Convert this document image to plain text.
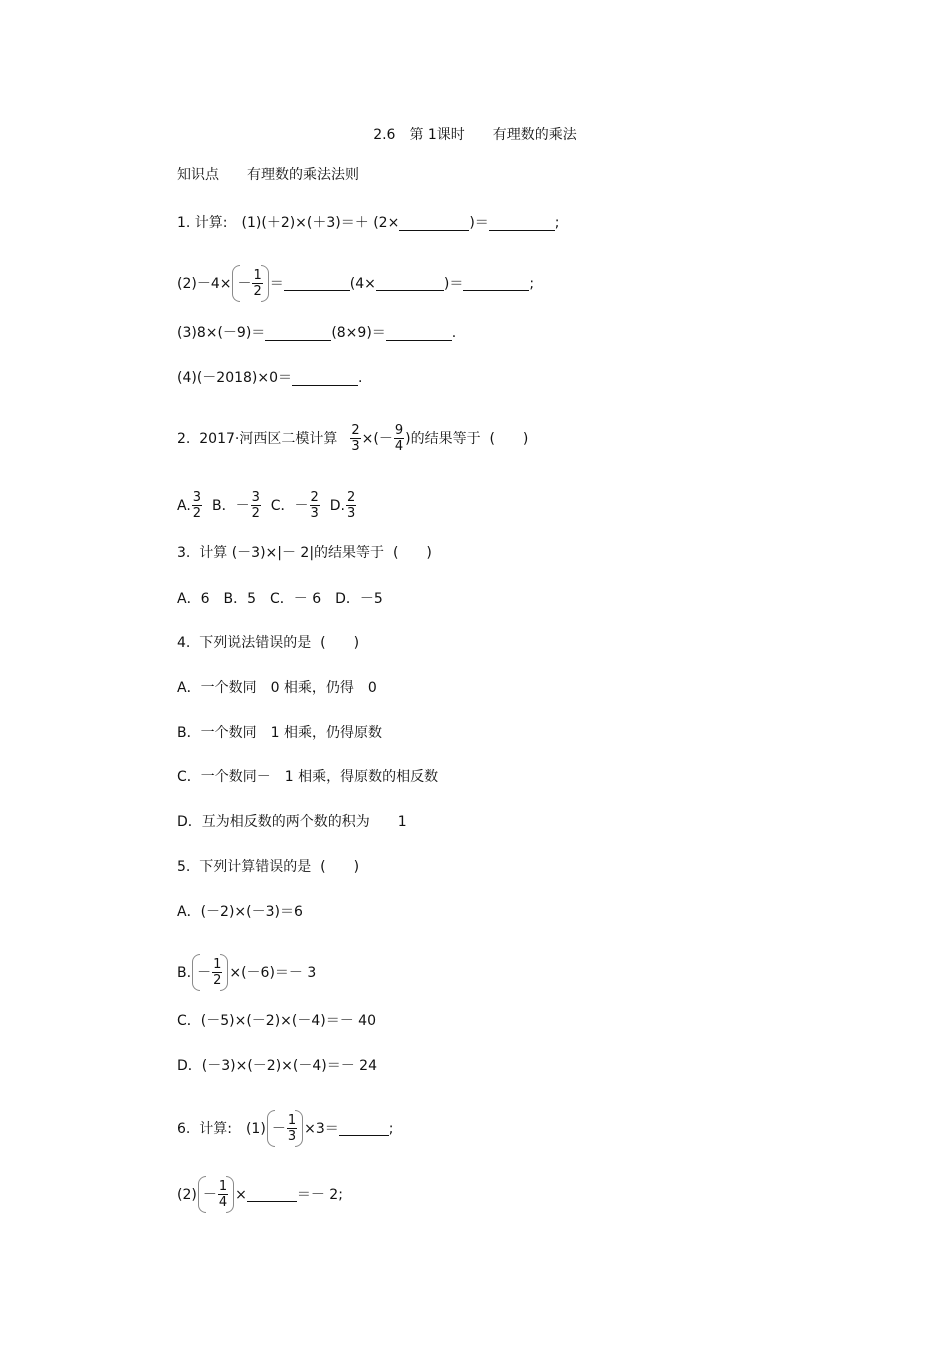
2.6　第 1课时　　有理数的乘法
知识点　　有理数的乘法法则
1. 计算:　(1)(＋2)×(＋3)＝＋ (2×	)＝	;
$(2)-4\times - \frac{1}{2}$ ＝	(4×	)＝	;
(3)8×(－9)＝	(8×9)＝	.
(4)(－2018)×0＝	.
2.  2017·河西区二模计算 $\frac{2}{3}$ ×(－ $\frac{9}{4}$ )的结果等于  (　　)
A. $\frac{3}{2}$ B．－ $\frac{3}{2}$ C．－ $\frac{2}{3} D$. $\frac{2}{3}$
3.  计算 (－3)×|－ 2|的结果等于  (　　)
A．6　B．5　C．－ 6　D．－5
4.  下列说法错误的是  (　　)
A．一个数同　0 相乘，仍得　0
B．一个数同　1 相乘，仍得原数
C．一个数同－　1 相乘，得原数的相反数
D．互为相反数的两个数的积为　　1
5.  下列计算错误的是  (　　)
A．(－2)×(－3)＝6
B. － $\frac{1}{2} \times(-6)=- 3$
C．(－5)×(－2)×(－4)＝－ 40
D．(－3)×(－2)×(－4)＝－ 24
6.  计算:　$(1) - \frac{1}{3} \times 3=$	;
$(2) - \frac{1}{4}$ ×	＝－ 2;
